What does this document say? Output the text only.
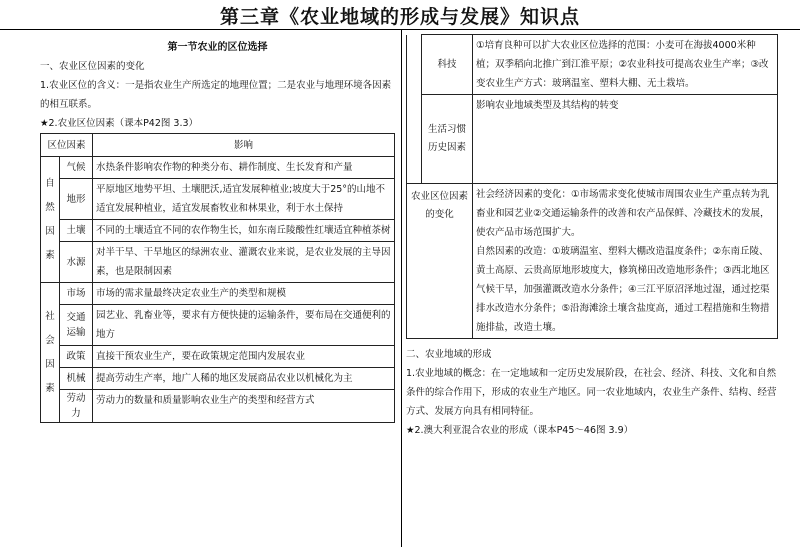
第三章《农业地域的形成与发展》知识点

第一节农业的区位选择

一、农业区位因素的变化

1.农业区位的含义：一是指农业生产所选定的地理位置；二是农业与地理环境各因素的相互联系。

★2.农业区位因素（课本P42图 3.3）

区位因素		影响
自然因素	气候	水热条件影响农作物的种类分布、耕作制度、生长发育和产量
	地形	平原地区地势平坦、土壤肥沃,适宜发展种植业;坡度大于25°的山地不适宜发展种植业，适宜发展畜牧业和林果业，利于水土保持
	土壤	不同的土壤适宜不同的农作物生长，如东南丘陵酸性红壤适宜种植茶树
	水源	对半干旱、干旱地区的绿洲农业、灌溉农业来说，是农业发展的主导因素，也是限制因素
社会因素	市场	市场的需求量最终决定农业生产的类型和规模
	交通运输	园艺业、乳畜业等，要求有方便快捷的运输条件，要布局在交通便利的地方
	政策	直接干预农业生产，要在政策规定范围内发展农业
	机械	提高劳动生产率，地广人稀的地区发展商品农业以机械化为主
	劳动力	劳动力的数量和质量影响农业生产的类型和经营方式
	科技	①培育良种可以扩大农业区位选择的范围：小麦可在海拔4000米种植；双季稻向北推广到江淮平原；②农业科技可提高农业生产率；③改变农业生产方式：玻璃温室、塑料大棚、无土栽培。
	生活习惯历史因素	影响农业地域类型及其结构的转变
农业区位因素的变化		社会经济因素的变化：①市场需求变化使城市周围农业生产重点转为乳畜业和园艺业②交通运输条件的改善和农产品保鲜、冷藏技术的发展，使农产品市场范围扩大。

自然因素的改造：①玻璃温室、塑料大棚改造温度条件；②东南丘陵、黄土高原、云贵高原地形坡度大，修筑梯田改造地形条件；③西北地区气候干旱，加强灌溉改造水分条件；④三江平原沼泽地过湿，通过挖渠排水改造水分条件；⑤沿海滩涂土壤含盐度高，通过工程措施和生物措施排盐，改造土壤。

二、农业地域的形成

1.农业地域的概念：在一定地域和一定历史发展阶段，在社会、经济、科技、文化和自然条件的综合作用下，形成的农业生产地区。同一农业地域内，农业生产条件、结构、经营方式、发展方向具有相同特征。

★2.澳大利亚混合农业的形成（课本P45～46图 3.9）
